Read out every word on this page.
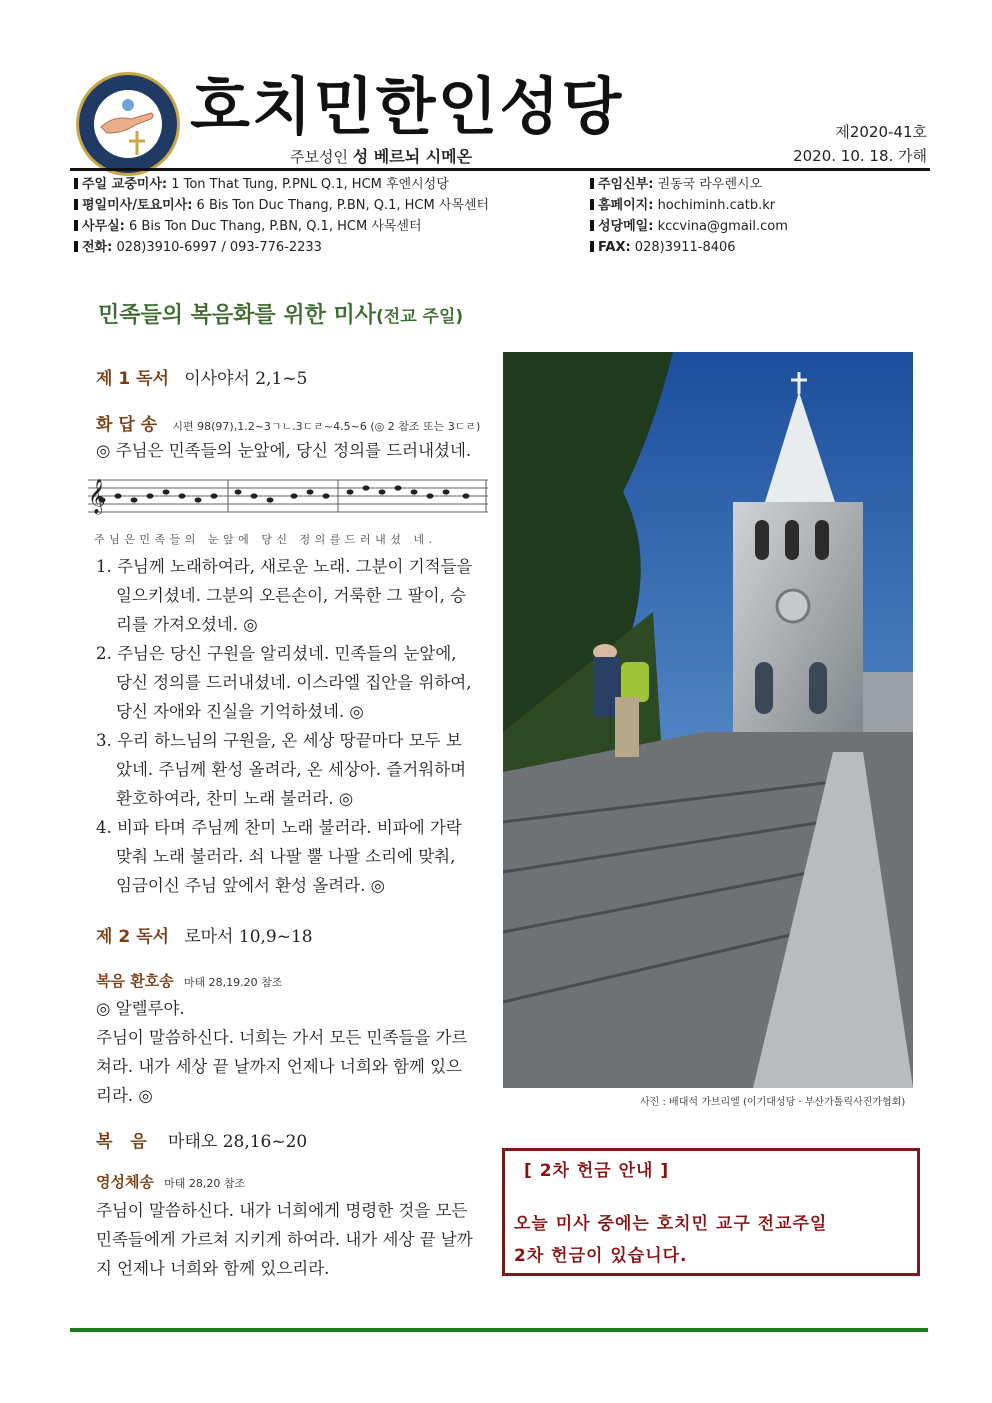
호치민한인성당
주보성인 성 베르뇌 시메온
제2020-41호
2020. 10. 18. 가해
주일 교중미사: 1 Ton That Tung, P.PNL Q.1, HCM 후엔시성당
평일미사/토요미사: 6 Bis Ton Duc Thang, P.BN, Q.1, HCM 사목센터
사무실: 6 Bis Ton Duc Thang, P.BN, Q.1, HCM 사목센터
전화: 028)3910-6997 / 093-776-2233
주임신부: 권동국 라우렌시오
홈페이지: hochiminh.catb.kr
성당메일: kccvina@gmail.com
FAX: 028)3911-8406
민족들의 복음화를 위한 미사(전교 주일)
제 1 독서 이사야서 2,1~5
화 답 송 시편 98(97),1.2~3ㄱㄴ.3ㄷㄹ~4.5~6 (◎ 2 참조 또는 3ㄷㄹ)
◎ 주님은 민족들의 눈앞에, 당신 정의를 드러내셨네.
𝄞
주님은민족들의 눈앞에 당신 정의를드러내셨 네.
1. 주님께 노래하여라, 새로운 노래. 그분이 기적들을 일으키셨네. 그분의 오른손이, 거룩한 그 팔이, 승리를 가져오셨네. ◎
2. 주님은 당신 구원을 알리셨네. 민족들의 눈앞에, 당신 정의를 드러내셨네. 이스라엘 집안을 위하여, 당신 자애와 진실을 기억하셨네. ◎
3. 우리 하느님의 구원을, 온 세상 땅끝마다 모두 보았네. 주님께 환성 올려라, 온 세상아. 즐거워하며 환호하여라, 찬미 노래 불러라. ◎
4. 비파 타며 주님께 찬미 노래 불러라. 비파에 가락 맞춰 노래 불러라. 쇠 나팔 뿔 나팔 소리에 맞춰, 임금이신 주님 앞에서 환성 올려라. ◎
제 2 독서 로마서 10,9~18
복음 환호송 마태 28,19.20 참조
◎ 알렐루야.
주님이 말씀하신다. 너희는 가서 모든 민족들을 가르쳐라. 내가 세상 끝 날까지 언제나 너희와 함께 있으리라. ◎
복 음 마태오 28,16~20
영성체송 마태 28,20 참조
주님이 말씀하신다. 내가 너희에게 명령한 것을 모든 민족들에게 가르쳐 지키게 하여라. 내가 세상 끝 날까지 언제나 너희와 함께 있으리라.
사진 : 배대석 가브리엘 (이기대성당 · 부산가톨릭사진가협회)
[ 2차 헌금 안내 ]
오늘 미사 중에는 호치민 교구 전교주일
2차 헌금이 있습니다.
